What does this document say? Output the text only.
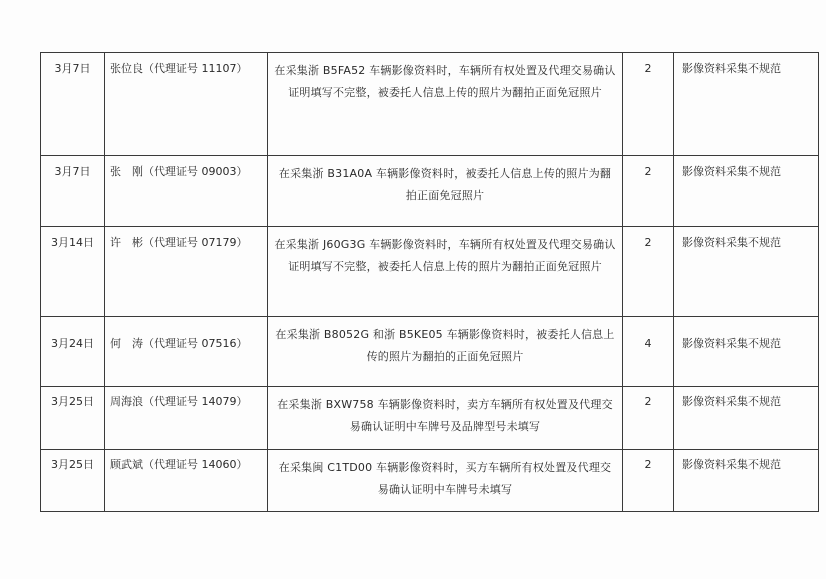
3月7日	张位良（代理证号 11107）	在采集浙 B5FA52 车辆影像资料时，车辆所有权处置及代理交易确认证明填写不完整，被委托人信息上传的照片为翻拍正面免冠照片	2	影像资料采集不规范
3月7日	张　刚（代理证号 09003）	在采集浙 B31A0A 车辆影像资料时，被委托人信息上传的照片为翻拍正面免冠照片	2	影像资料采集不规范
3月14日	许　彬（代理证号 07179）	在采集浙 J60G3G 车辆影像资料时，车辆所有权处置及代理交易确认证明填写不完整，被委托人信息上传的照片为翻拍正面免冠照片	2	影像资料采集不规范
3月24日	何　涛（代理证号 07516）	在采集浙 B8052G 和浙 B5KE05 车辆影像资料时，被委托人信息上传的照片为翻拍的正面免冠照片	4	影像资料采集不规范
3月25日	周海浪（代理证号 14079）	在采集浙 BXW758 车辆影像资料时，卖方车辆所有权处置及代理交易确认证明中车牌号及品牌型号未填写	2	影像资料采集不规范
3月25日	顾武斌（代理证号 14060）	在采集闽 C1TD00 车辆影像资料时，买方车辆所有权处置及代理交易确认证明中车牌号未填写	2	影像资料采集不规范
